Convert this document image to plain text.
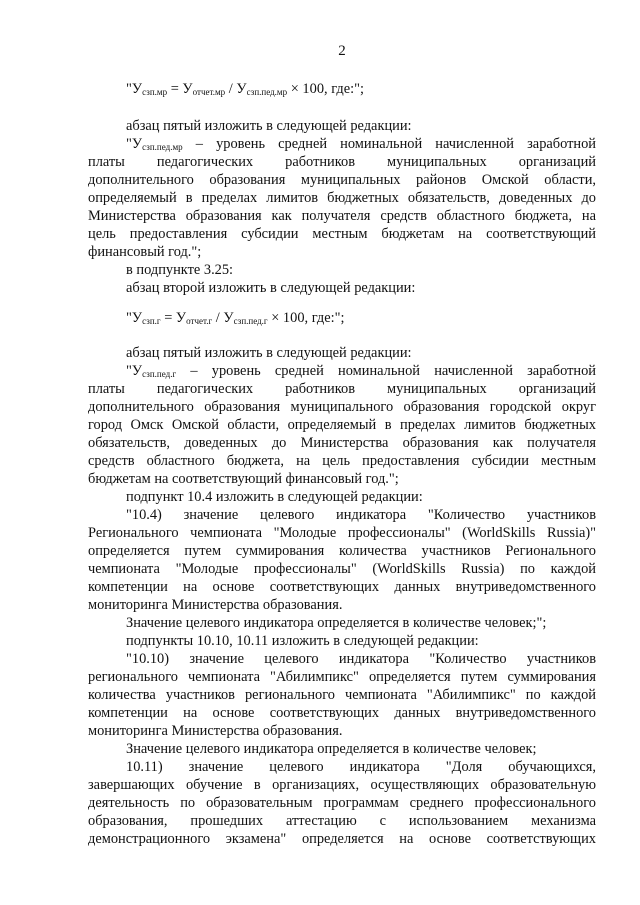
2
"$У_{сзп.мр} = У_{отчет.мр} / У_{сзп.пед.мр} \times 100$, где:";
абзац пятый изложить в следующей редакции:
"$У_{сзп.пед.мр}$ – уровень средней номинальной начисленной заработной
платы педагогических работников муниципальных организаций
дополнительного образования муниципальных районов Омской области,
определяемый в пределах лимитов бюджетных обязательств, доведенных до
Министерства образования как получателя средств областного бюджета, на
цель предоставления субсидии местным бюджетам на соответствующий
финансовый год.";
в подпункте 3.25:
абзац второй изложить в следующей редакции:
"$У_{сзп.г} = У_{отчет.г} / У_{сзп.пед.г} \times 100$, где:";
абзац пятый изложить в следующей редакции:
"$У_{сзп.пед.г}$ – уровень средней номинальной начисленной заработной
платы педагогических работников муниципальных организаций
дополнительного образования муниципального образования городской округ
город Омск Омской области, определяемый в пределах лимитов бюджетных
обязательств, доведенных до Министерства образования как получателя
средств областного бюджета, на цель предоставления субсидии местным
бюджетам на соответствующий финансовый год.";
подпункт 10.4 изложить в следующей редакции:
"10.4) значение целевого индикатора "Количество участников
Регионального чемпионата "Молодые профессионалы" (WorldSkills Russia)"
определяется путем суммирования количества участников Регионального
чемпионата "Молодые профессионалы" (WorldSkills Russia) по каждой
компетенции на основе соответствующих данных внутриведомственного
мониторинга Министерства образования.
Значение целевого индикатора определяется в количестве человек;";
подпункты 10.10, 10.11 изложить в следующей редакции:
"10.10) значение целевого индикатора "Количество участников
регионального чемпионата "Абилимпикс" определяется путем суммирования
количества участников регионального чемпионата "Абилимпикс" по каждой
компетенции на основе соответствующих данных внутриведомственного
мониторинга Министерства образования.
Значение целевого индикатора определяется в количестве человек;
10.11) значение целевого индикатора "Доля обучающихся,
завершающих обучение в организациях, осуществляющих образовательную
деятельность по образовательным программам среднего профессионального
образования, прошедших аттестацию с использованием механизма
демонстрационного экзамена" определяется на основе соответствующих
